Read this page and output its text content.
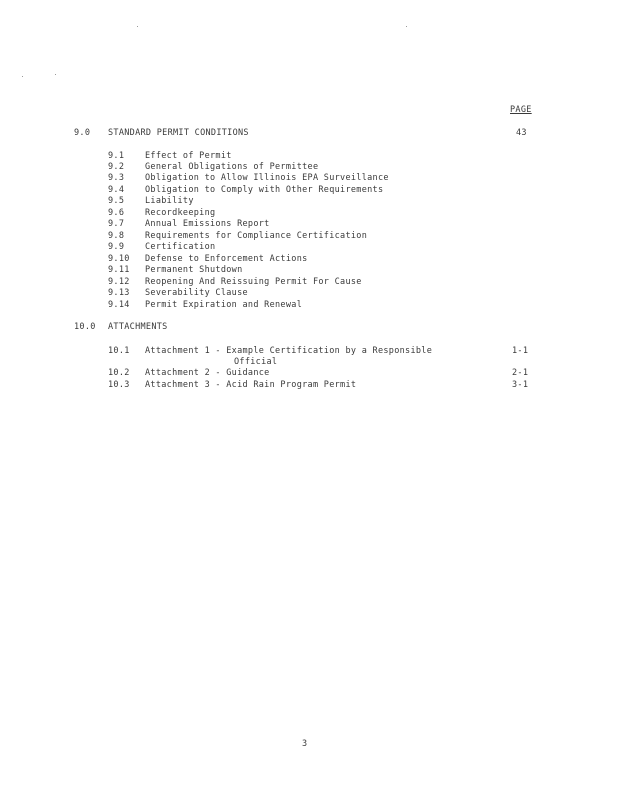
PAGE
9.0 STANDARD PERMIT CONDITIONS	43
9.1 Effect of Permit
9.2 General Obligations of Permittee
9.3 Obligation to Allow Illinois EPA Surveillance
9.4 Obligation to Comply with Other Requirements
9.5 Liability
9.6 Recordkeeping
9.7 Annual Emissions Report
9.8 Requirements for Compliance Certification
9.9 Certification
9.10 Defense to Enforcement Actions
9.11 Permanent Shutdown
9.12 Reopening And Reissuing Permit For Cause
9.13 Severability Clause
9.14 Permit Expiration and Renewal
10.0 ATTACHMENTS
10.1 Attachment 1 - Example Certification by a Responsible	1-1
Official
10.2 Attachment 2 - Guidance	2-1
10.3 Attachment 3 - Acid Rain Program Permit	3-1
3
